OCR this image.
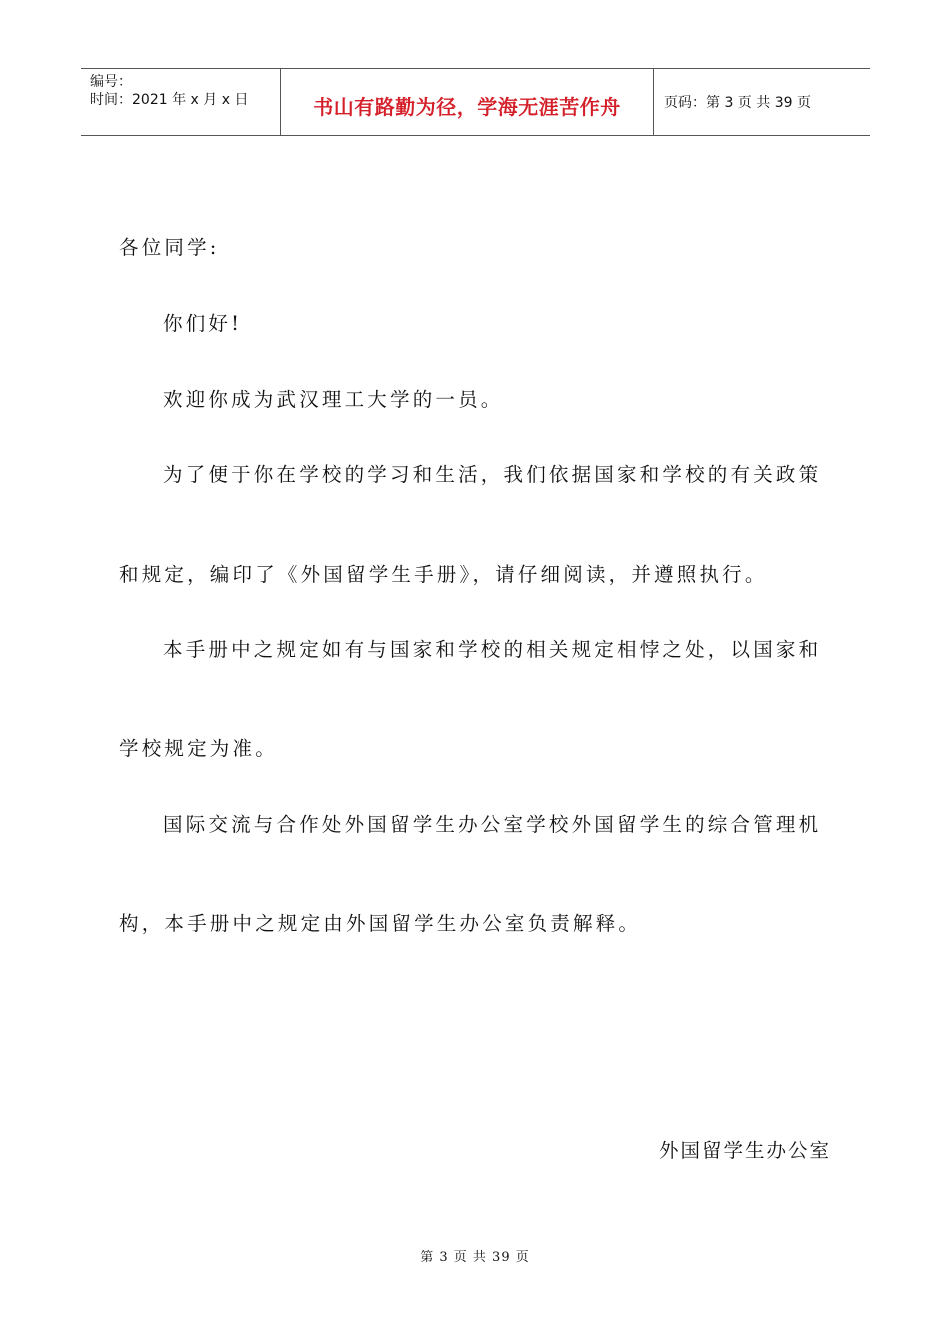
编号：
时间：2021 年 x 月 x 日	书山有路勤为径，学海无涯苦作舟	页码：第 3 页 共 39 页
各位同学:
你们好!
欢迎你成为武汉理工大学的一员。
为了便于你在学校的学习和生活，我们依据国家和学校的有关政策
和规定，编印了《外国留学生手册》，请仔细阅读，并遵照执行。
本手册中之规定如有与国家和学校的相关规定相悖之处，以国家和
学校规定为准。
国际交流与合作处外国留学生办公室学校外国留学生的综合管理机
构，本手册中之规定由外国留学生办公室负责解释。
外国留学生办公室
第 3 页 共 39 页
